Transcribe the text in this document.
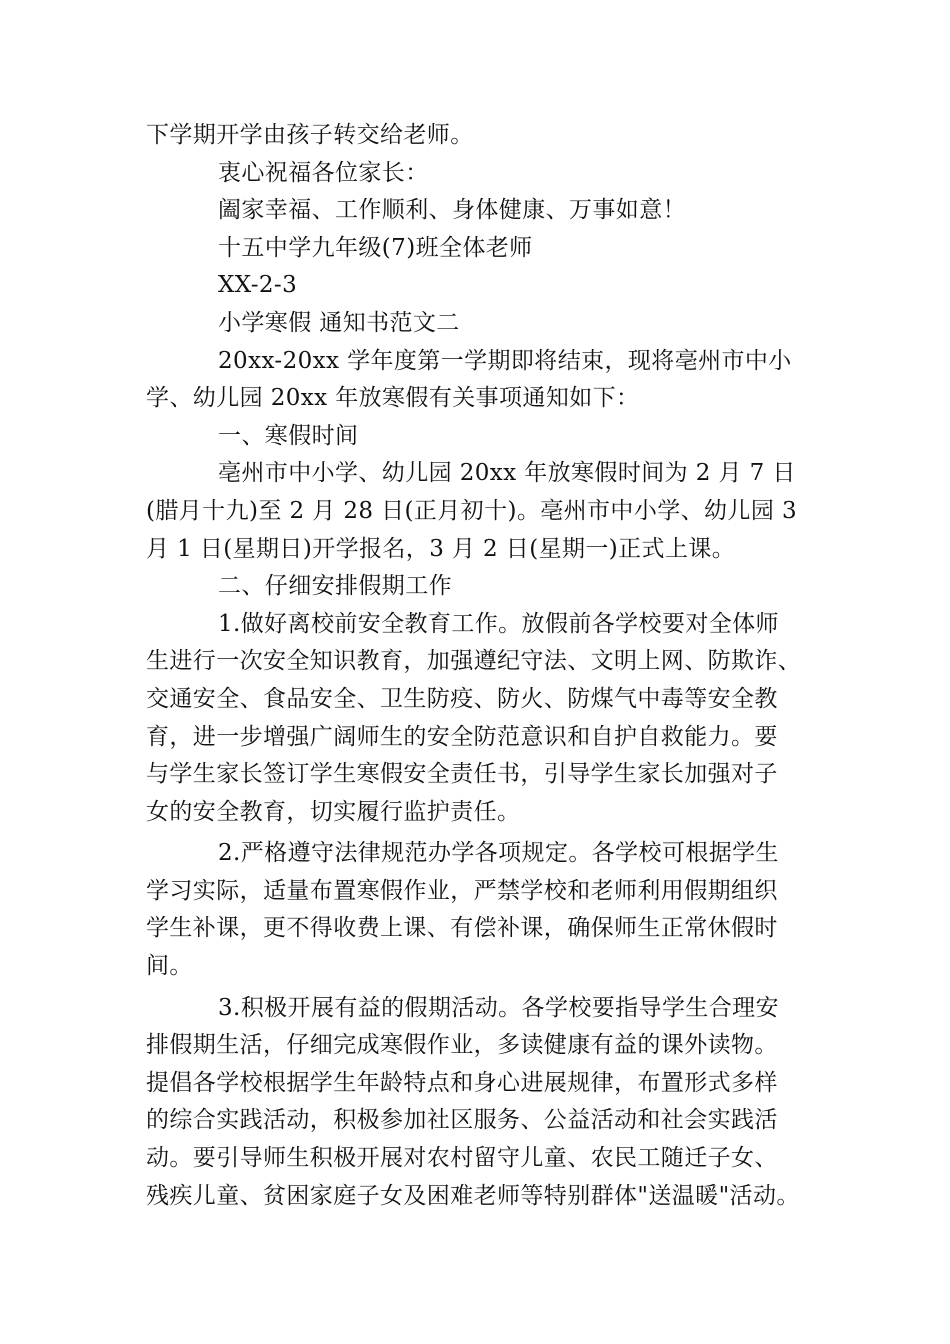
下学期开学由孩子转交给老师。
衷心祝福各位家长：
阖家幸福、工作顺利、身体健康、万事如意！
十五中学九年级(7)班全体老师
XX-2-3
小学寒假 通知书范文二
20xx-20xx 学年度第一学期即将结束，现将亳州市中小
学、幼儿园 20xx 年放寒假有关事项通知如下：
一、寒假时间
亳州市中小学、幼儿园 20xx 年放寒假时间为 2 月 7 日
(腊月十九)至 2 月 28 日(正月初十)。亳州市中小学、幼儿园 3
月 1 日(星期日)开学报名，3 月 2 日(星期一)正式上课。
二、仔细安排假期工作
1.做好离校前安全教育工作。放假前各学校要对全体师
生进行一次安全知识教育，加强遵纪守法、文明上网、防欺诈、
交通安全、食品安全、卫生防疫、防火、防煤气中毒等安全教
育，进一步增强广阔师生的安全防范意识和自护自救能力。要
与学生家长签订学生寒假安全责任书，引导学生家长加强对子
女的安全教育，切实履行监护责任。
2.严格遵守法律规范办学各项规定。各学校可根据学生
学习实际，适量布置寒假作业，严禁学校和老师利用假期组织
学生补课，更不得收费上课、有偿补课，确保师生正常休假时
间。
3.积极开展有益的假期活动。各学校要指导学生合理安
排假期生活，仔细完成寒假作业，多读健康有益的课外读物。
提倡各学校根据学生年龄特点和身心进展规律，布置形式多样
的综合实践活动，积极参加社区服务、公益活动和社会实践活
动。要引导师生积极开展对农村留守儿童、农民工随迁子女、
残疾儿童、贫困家庭子女及困难老师等特别群体"送温暖"活动。
